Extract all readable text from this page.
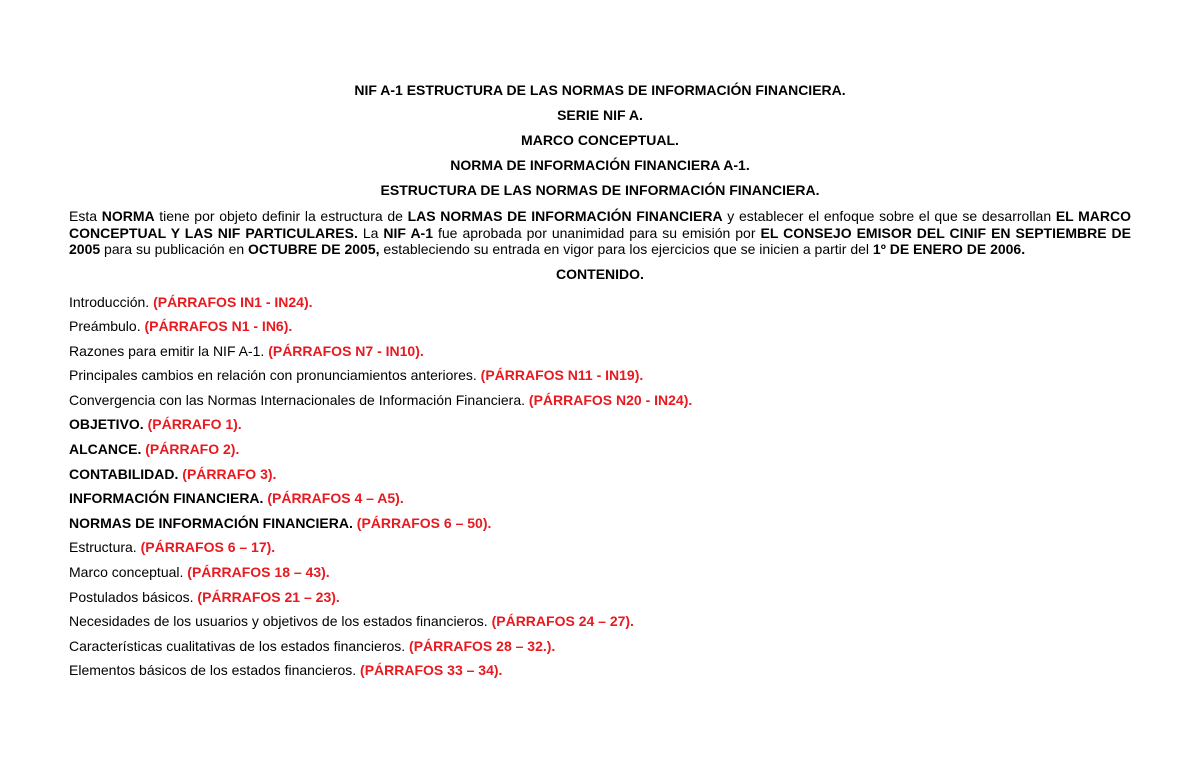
NIF A-1 ESTRUCTURA DE LAS NORMAS DE INFORMACIÓN FINANCIERA.
SERIE NIF A.
MARCO CONCEPTUAL.
NORMA DE INFORMACIÓN FINANCIERA A-1.
ESTRUCTURA DE LAS NORMAS DE INFORMACIÓN FINANCIERA.

Esta NORMA tiene por objeto definir la estructura de LAS NORMAS DE INFORMACIÓN FINANCIERA y establecer el enfoque sobre el que se desarrollan EL MARCO CONCEPTUAL Y LAS NIF PARTICULARES. La NIF A-1 fue aprobada por unanimidad para su emisión por EL CONSEJO EMISOR DEL CINIF EN SEPTIEMBRE DE 2005 para su publicación en OCTUBRE DE 2005, estableciendo su entrada en vigor para los ejercicios que se inicien a partir del 1º DE ENERO DE 2006.

CONTENIDO.
Introducción. (PÁRRAFOS IN1 - IN24).
Preámbulo. (PÁRRAFOS N1 - IN6).
Razones para emitir la NIF A-1. (PÁRRAFOS N7 - IN10).
Principales cambios en relación con pronunciamientos anteriores. (PÁRRAFOS N11 - IN19).
Convergencia con las Normas Internacionales de Información Financiera. (PÁRRAFOS N20 - IN24).
OBJETIVO. (PÁRRAFO 1).
ALCANCE. (PÁRRAFO 2).
CONTABILIDAD. (PÁRRAFO 3).
INFORMACIÓN FINANCIERA. (PÁRRAFOS 4 – A5).
NORMAS DE INFORMACIÓN FINANCIERA. (PÁRRAFOS 6 – 50).
Estructura. (PÁRRAFOS 6 – 17).
Marco conceptual. (PÁRRAFOS 18 – 43).
Postulados básicos. (PÁRRAFOS 21 – 23).
Necesidades de los usuarios y objetivos de los estados financieros. (PÁRRAFOS 24 – 27).
Características cualitativas de los estados financieros. (PÁRRAFOS 28 – 32.).
Elementos básicos de los estados financieros. (PÁRRAFOS 33 – 34).
